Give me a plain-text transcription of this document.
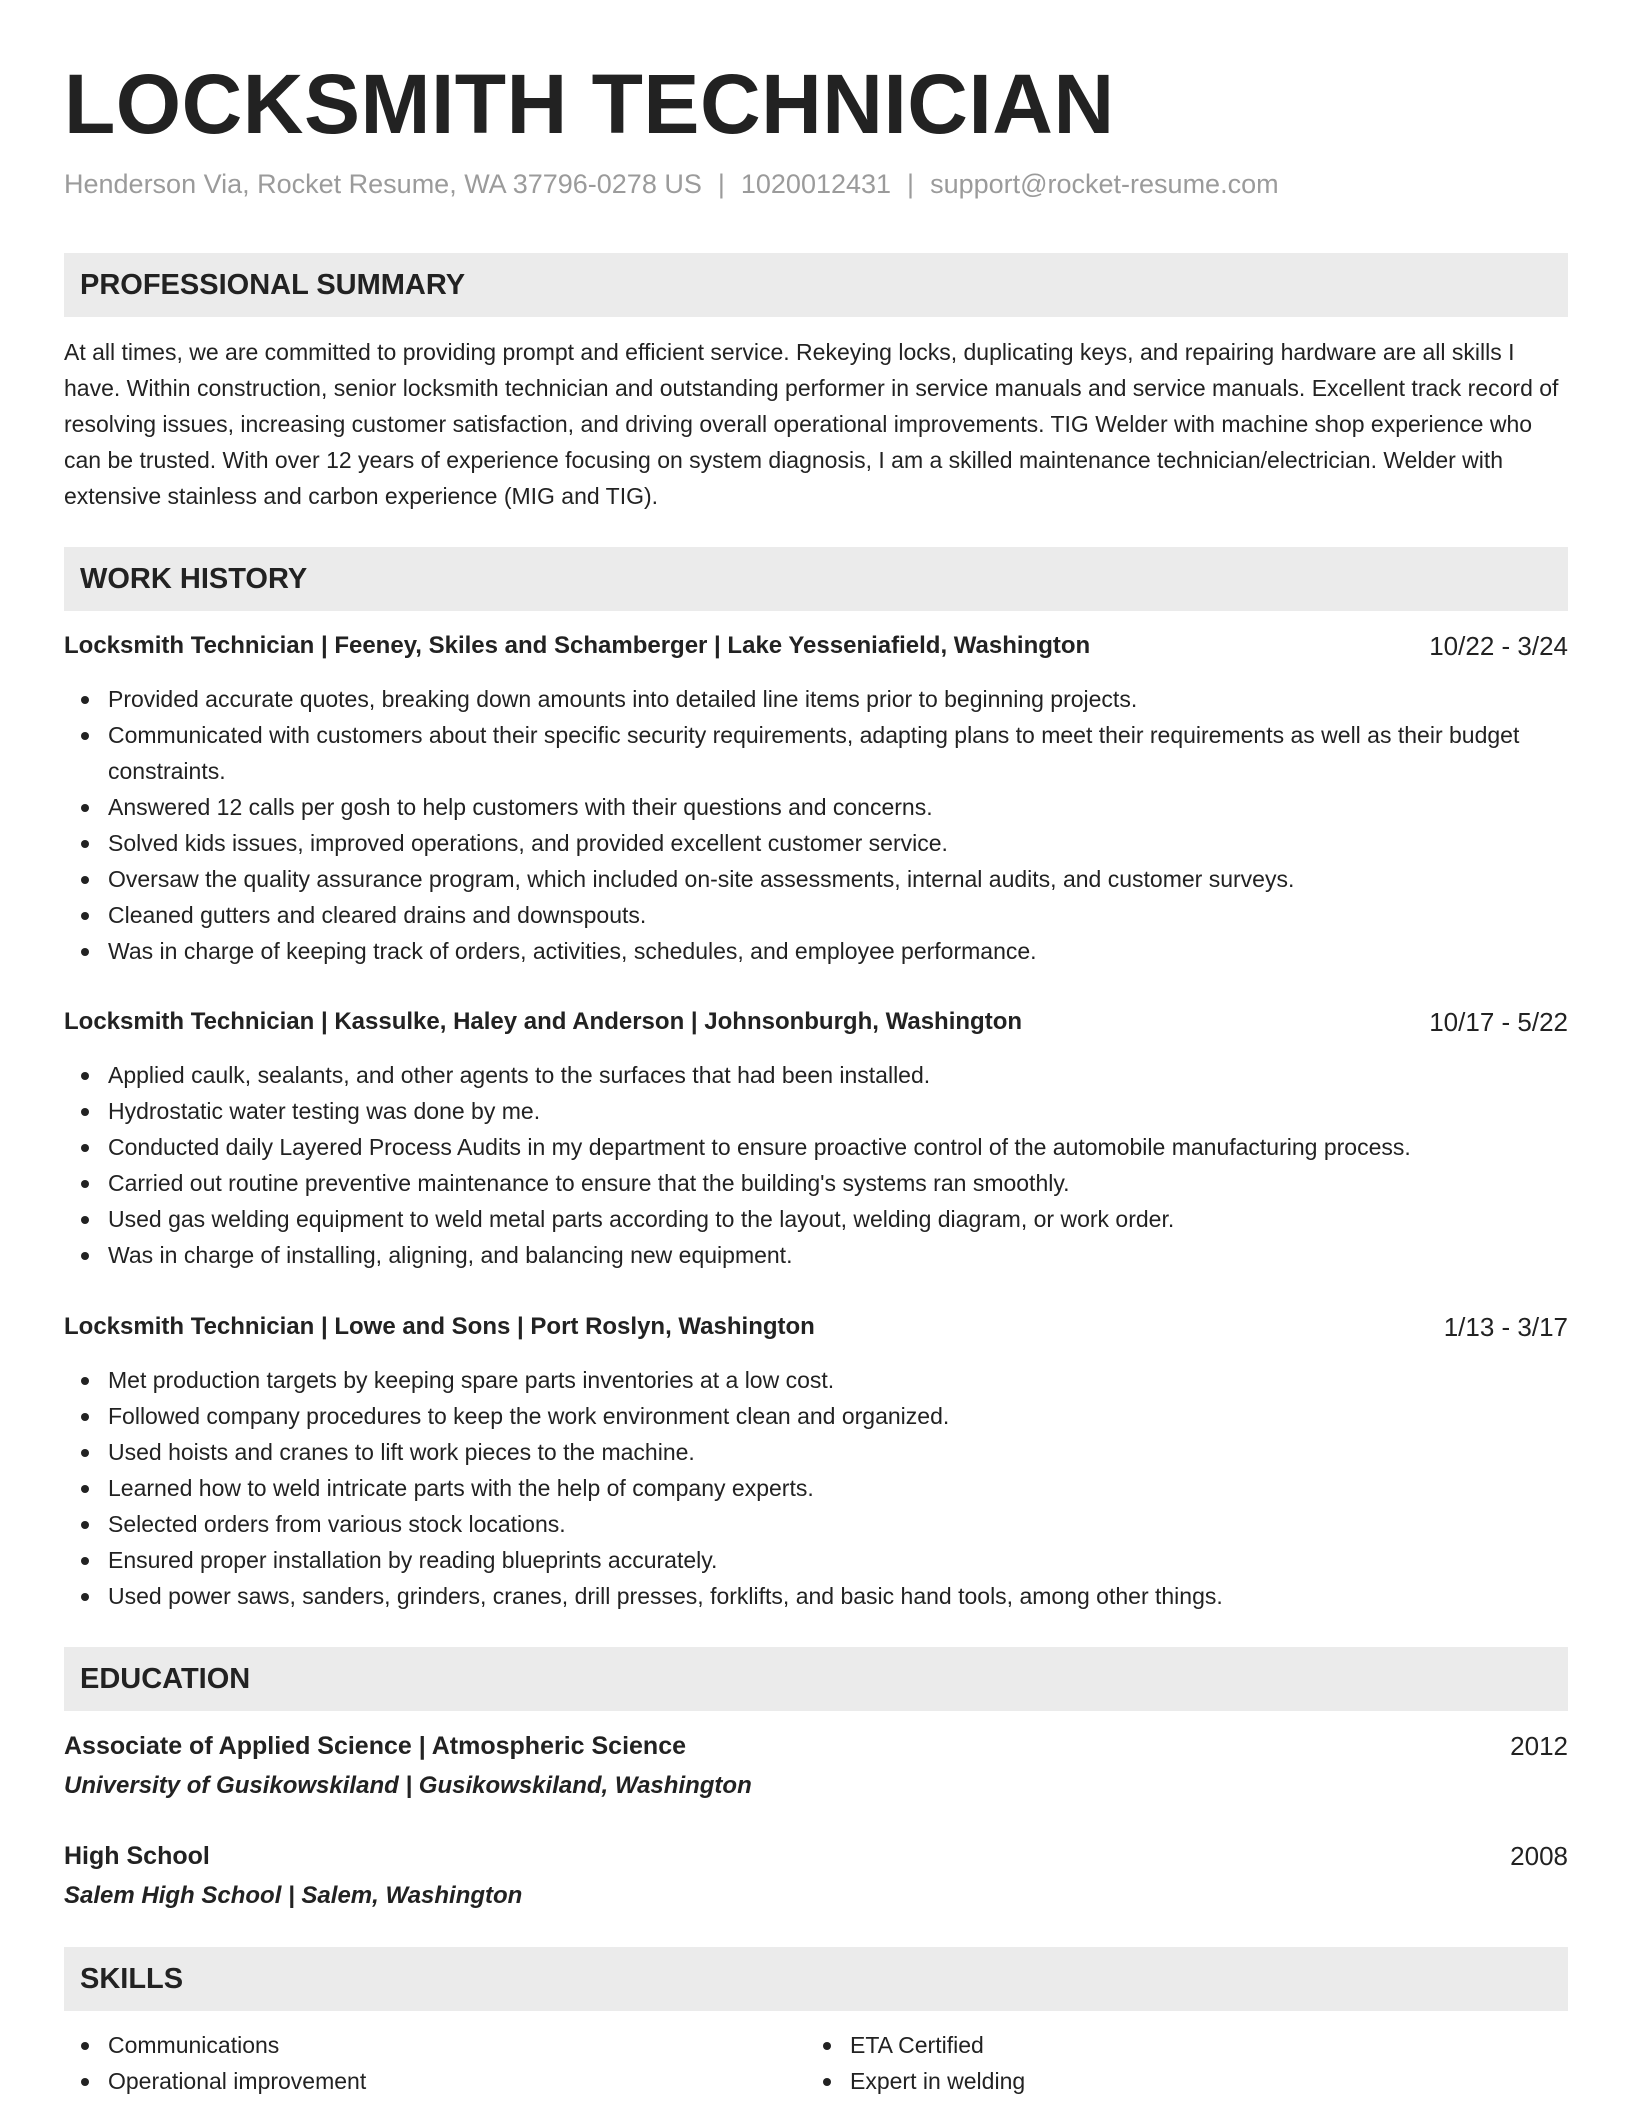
LOCKSMITH TECHNICIAN
Henderson Via, Rocket Resume, WA 37796-0278 US | 1020012431 | support@rocket-resume.com
PROFESSIONAL SUMMARY
At all times, we are committed to providing prompt and efficient service. Rekeying locks, duplicating keys, and repairing hardware are all skills I have. Within construction, senior locksmith technician and outstanding performer in service manuals and service manuals. Excellent track record of resolving issues, increasing customer satisfaction, and driving overall operational improvements. TIG Welder with machine shop experience who can be trusted. With over 12 years of experience focusing on system diagnosis, I am a skilled maintenance technician/electrician. Welder with extensive stainless and carbon experience (MIG and TIG).
WORK HISTORY
Locksmith Technician | Feeney, Skiles and Schamberger | Lake Yesseniafield, Washington	10/22 - 3/24
Provided accurate quotes, breaking down amounts into detailed line items prior to beginning projects.
Communicated with customers about their specific security requirements, adapting plans to meet their requirements as well as their budget constraints.
Answered 12 calls per gosh to help customers with their questions and concerns.
Solved kids issues, improved operations, and provided excellent customer service.
Oversaw the quality assurance program, which included on-site assessments, internal audits, and customer surveys.
Cleaned gutters and cleared drains and downspouts.
Was in charge of keeping track of orders, activities, schedules, and employee performance.
Locksmith Technician | Kassulke, Haley and Anderson | Johnsonburgh, Washington	10/17 - 5/22
Applied caulk, sealants, and other agents to the surfaces that had been installed.
Hydrostatic water testing was done by me.
Conducted daily Layered Process Audits in my department to ensure proactive control of the automobile manufacturing process.
Carried out routine preventive maintenance to ensure that the building's systems ran smoothly.
Used gas welding equipment to weld metal parts according to the layout, welding diagram, or work order.
Was in charge of installing, aligning, and balancing new equipment.
Locksmith Technician | Lowe and Sons | Port Roslyn, Washington	1/13 - 3/17
Met production targets by keeping spare parts inventories at a low cost.
Followed company procedures to keep the work environment clean and organized.
Used hoists and cranes to lift work pieces to the machine.
Learned how to weld intricate parts with the help of company experts.
Selected orders from various stock locations.
Ensured proper installation by reading blueprints accurately.
Used power saws, sanders, grinders, cranes, drill presses, forklifts, and basic hand tools, among other things.
EDUCATION
Associate of Applied Science | Atmospheric Science	2012
University of Gusikowskiland | Gusikowskiland, Washington
High School	2008
Salem High School | Salem, Washington
SKILLS
Communications
Operational improvement
ETA Certified
Expert in welding
